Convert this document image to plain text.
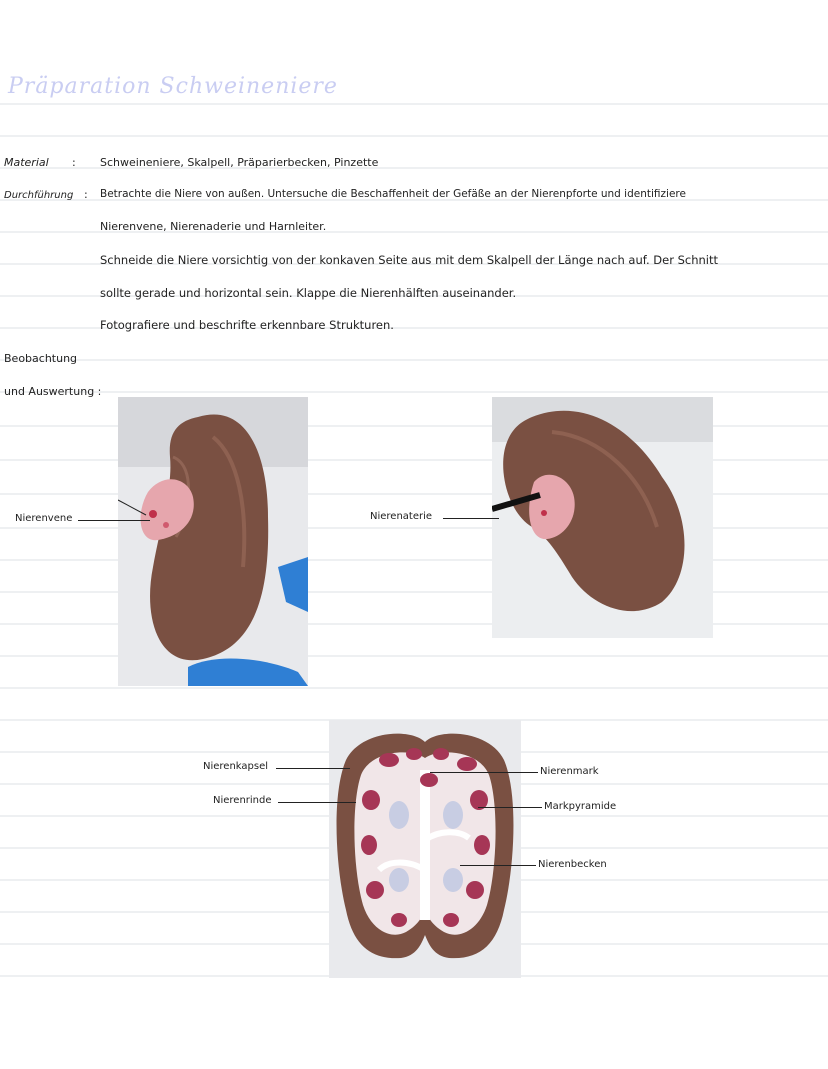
Präparation Schweineniere
Material : Schweineniere, Skalpell, Präparierbecken, Pinzette
Durchführung : Betrachte die Niere von außen. Untersuche die Beschaffenheit der Gefäße an der Nierenpforte und identifiziere
Nierenvene, Nierenaderie und Harnleiter.
Schneide die Niere vorsichtig von der konkaven Seite aus mit dem Skalpell der Länge nach auf. Der Schnitt
sollte gerade und horizontal sein. Klappe die Nierenhälften auseinander.
Fotografiere und beschrifte erkennbare Strukturen.
Beobachtung
und Auswertung :
Nierenvene	Nierenaterie
Nierenkapsel
Nierenrinde
Nierenmark
Markpyramide
Nierenbecken
